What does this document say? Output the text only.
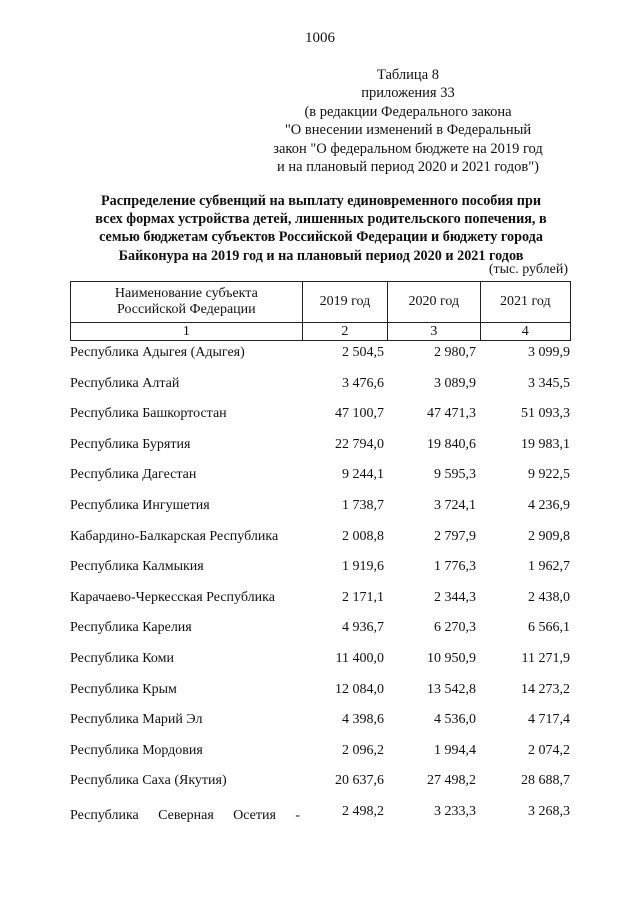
1006
Таблица 8
приложения 33
(в редакции Федерального закона
"О внесении изменений в Федеральный
закон "О федеральном бюджете на 2019 год
и на плановый период 2020 и 2021 годов")
Распределение субвенций на выплату единовременного пособия при
всех формах устройства детей, лишенных родительского попечения, в
семью бюджетам субъектов Российской Федерации и бюджету города
Байконура на 2019 год и на плановый период 2020 и 2021 годов
(тыс. рублей)
Наименование субъекта
Российской Федерации	2019 год	2020 год	2021 год
1	2	3	4
Республика Адыгея (Адыгея)	2 504,5	2 980,7	3 099,9
Республика Алтай	3 476,6	3 089,9	3 345,5
Республика Башкортостан	47 100,7	47 471,3	51 093,3
Республика Бурятия	22 794,0	19 840,6	19 983,1
Республика Дагестан	9 244,1	9 595,3	9 922,5
Республика Ингушетия	1 738,7	3 724,1	4 236,9
Кабардино-Балкарская Республика	2 008,8	2 797,9	2 909,8
Республика Калмыкия	1 919,6	1 776,3	1 962,7
Карачаево-Черкесская Республика	2 171,1	2 344,3	2 438,0
Республика Карелия	4 936,7	6 270,3	6 566,1
Республика Коми	11 400,0	10 950,9	11 271,9
Республика Крым	12 084,0	13 542,8	14 273,2
Республика Марий Эл	4 398,6	4 536,0	4 717,4
Республика Мордовия	2 096,2	1 994,4	2 074,2
Республика Саха (Якутия)	20 637,6	27 498,2	28 688,7
Республика Северная Осетия -	2 498,2	3 233,3	3 268,3
